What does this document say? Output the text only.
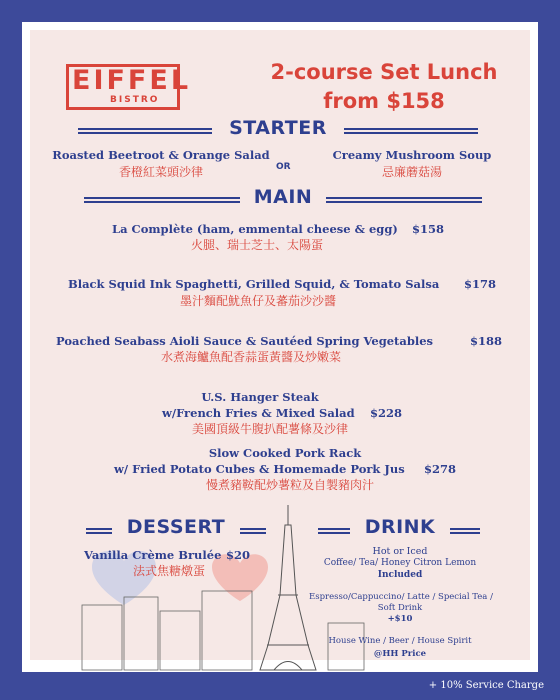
EIFFEL
BISTRO
2-course Set Lunch
from $158
STARTER
Roasted Beetroot & Orange Salad
香橙紅菜頭沙律	OR
Creamy Mushroom Soup
忌廉蘑菇湯
MAIN
La Complète (ham, emmental cheese & egg) $158
火腿、瑞士芝士、太陽蛋
Black Squid Ink Spaghetti, Grilled Squid, & Tomato Salsa $178
墨汁麵配魷魚仔及蕃茄沙沙醬
Poached Seabass Aioli Sauce & Sautéed Spring Vegetables	$188
水煮海鱸魚配香蒜蛋黃醬及炒嫩菜
U.S. Hanger Steak
w/French Fries & Mixed Salad $228
美國頂級牛腹扒配薯條及沙律
Slow Cooked Pork Rack
w/ Fried Potato Cubes & Homemade Pork Jus $278
慢煮豬鞍配炒薯粒及自製豬肉汁
DESSERT
Vanilla Crème Brulée $20
法式焦糖燉蛋
DRINK
Hot or Iced
Coffee/ Tea/ Honey Citron Lemon
Included
Espresso/Cappuccino/ Latte / Special Tea /
Soft Drink
+$10
House Wine / Beer / House Spirit
@HH Price
+ 10% Service Charge
